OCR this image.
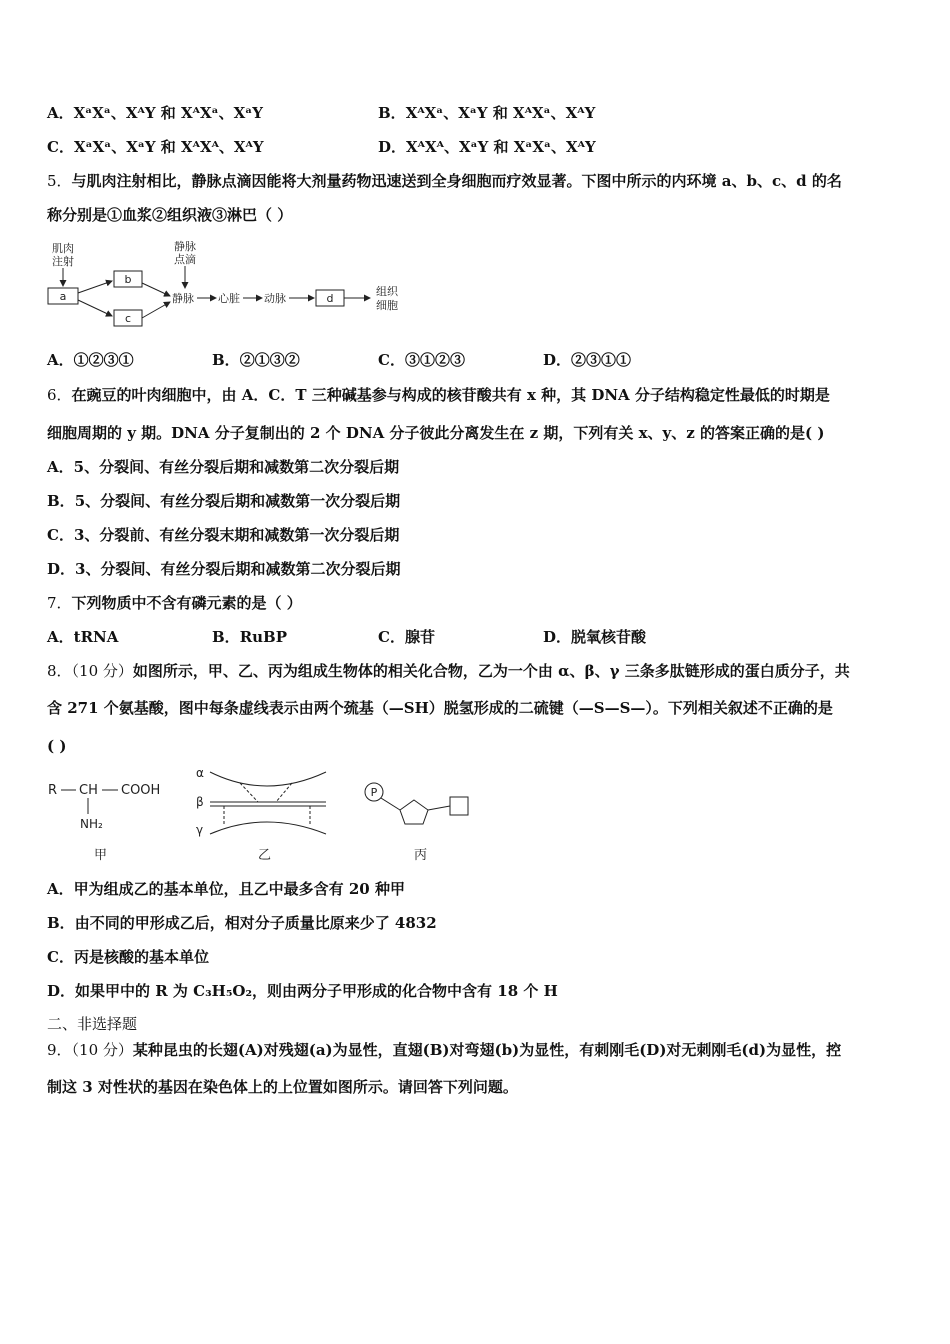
A．XᵃXᵃ、XᴬY 和 XᴬXᵃ、XᵃY	B．XᴬXᵃ、XᵃY 和 XᴬXᵃ、XᴬY
C．XᵃXᵃ、XᵃY 和 XᴬXᴬ、XᴬY	D．XᴬXᴬ、XᵃY 和 XᵃXᵃ、XᴬY
5．与肌肉注射相比，静脉点滴因能将大剂量药物迅速送到全身细胞而疗效显著。下图中所示的内环境 a、b、c、d 的名
称分别是①血浆②组织液③淋巴（ ）
肌肉
注射
a
b
c
静脉
点滴
静脉 心脏 动脉	d
组织
细胞
A．①②③①	B．②①③②	C．③①②③	D．②③①①
6．在豌豆的叶肉细胞中，由 A．C．T 三种碱基参与构成的核苷酸共有 x 种，其 DNA 分子结构稳定性最低的时期是
细胞周期的 y 期。DNA 分子复制出的 2 个 DNA 分子彼此分离发生在 z 期，下列有关 x、y、z 的答案正确的是( )
A．5、分裂间、有丝分裂后期和减数第二次分裂后期
B．5、分裂间、有丝分裂后期和减数第一次分裂后期
C．3、分裂前、有丝分裂末期和减数第一次分裂后期
D．3、分裂间、有丝分裂后期和减数第二次分裂后期
7．下列物质中不含有磷元素的是（ ）
A．tRNA	B．RuBP	C．腺苷	D．脱氧核苷酸
8．（10 分）如图所示，甲、乙、丙为组成生物体的相关化合物，乙为一个由 α、β、γ 三条多肽链形成的蛋白质分子，共
含 271 个氨基酸，图中每条虚线表示由两个巯基（—SH）脱氢形成的二硫键（—S—S—）。下列相关叙述不正确的是
( )
R CH COOH
NH₂
甲
α
β
γ
乙
P
丙
A．甲为组成乙的基本单位，且乙中最多含有 20 种甲
B．由不同的甲形成乙后，相对分子质量比原来少了 4832
C．丙是核酸的基本单位
D．如果甲中的 R 为 C₃H₅O₂，则由两分子甲形成的化合物中含有 18 个 H
二、非选择题
9．（10 分）某种昆虫的长翅(A)对残翅(a)为显性，直翅(B)对弯翅(b)为显性，有刺刚毛(D)对无刺刚毛(d)为显性，控
制这 3 对性状的基因在染色体上的上位置如图所示。请回答下列问题。
